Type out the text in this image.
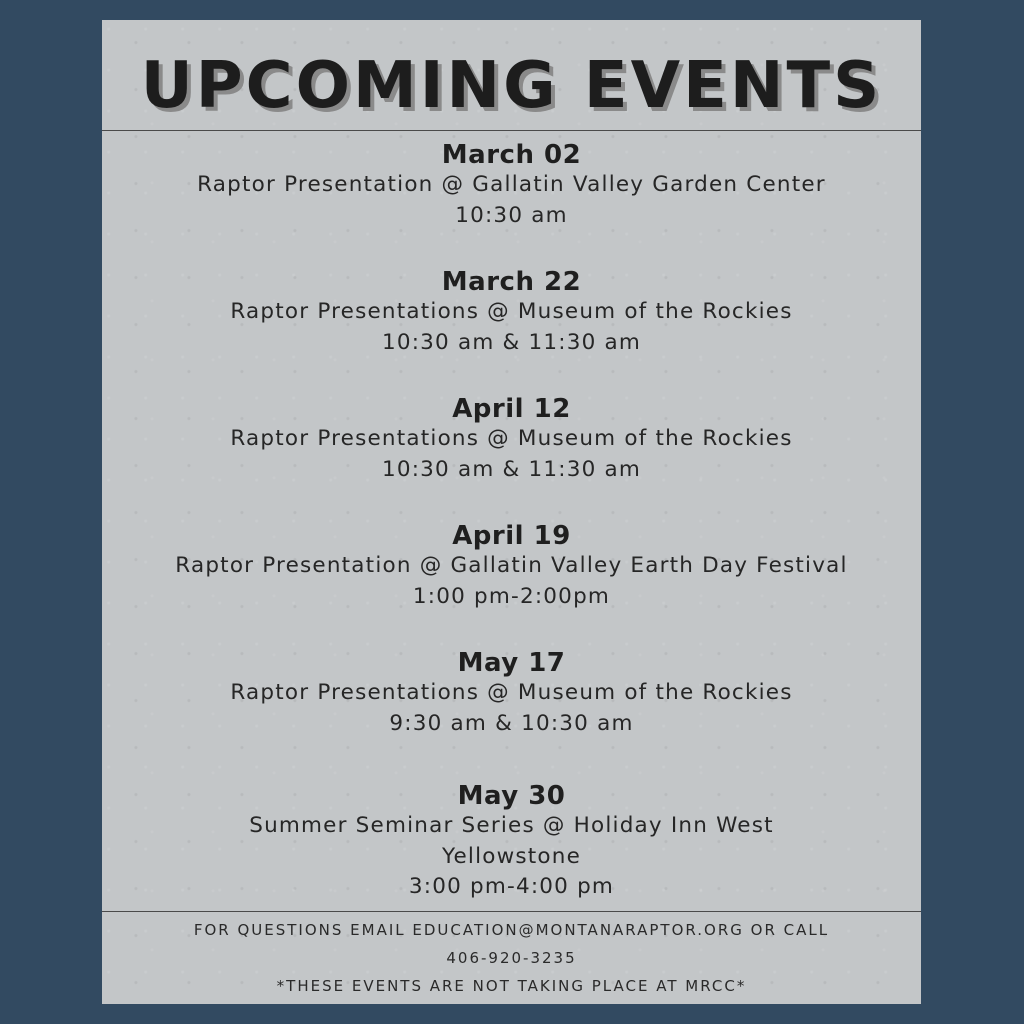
UPCOMING EVENTS
March 02
Raptor Presentation @ Gallatin Valley Garden Center
10:30 am
March 22
Raptor Presentations @ Museum of the Rockies
10:30 am & 11:30 am
April 12
Raptor Presentations @ Museum of the Rockies
10:30 am & 11:30 am
April 19
Raptor Presentation @ Gallatin Valley Earth Day Festival
1:00 pm-2:00pm
May 17
Raptor Presentations @ Museum of the Rockies
9:30 am & 10:30 am
May 30
Summer Seminar Series @ Holiday Inn West
Yellowstone
3:00 pm-4:00 pm
FOR QUESTIONS EMAIL EDUCATION@MONTANARAPTOR.ORG OR CALL
406-920-3235
*THESE EVENTS ARE NOT TAKING PLACE AT MRCC*
